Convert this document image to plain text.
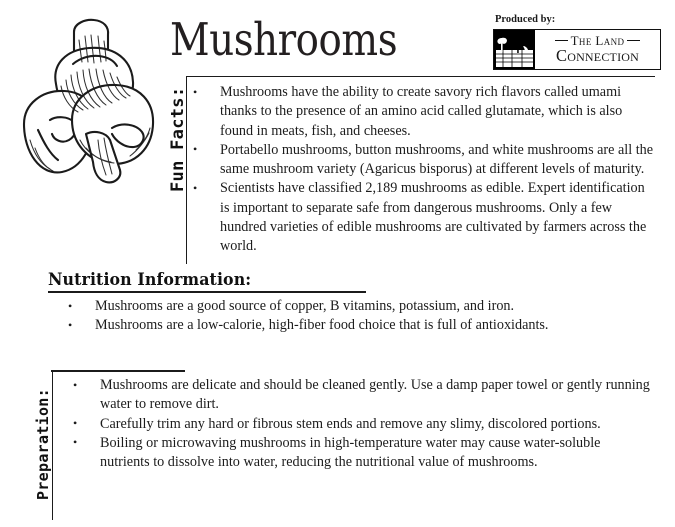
Mushrooms	Produced by:
The Land
Connection
Fun Facts:	• Mushrooms have the ability to create savory rich flavors called umami thanks to the presence of an amino acid called glutamate, which is also found in meats, fish, and cheeses.
• Portabello mushrooms, button mushrooms, and white mushrooms are all the same mushroom variety (Agaricus bisporus) at different levels of maturity.
• Scientists have classified 2,189 mushrooms as edible. Expert identification is important to separate safe from dangerous mushrooms. Only a few hundred varieties of edible mushrooms are cultivated by farmers across the world.
Nutrition Information:
• Mushrooms are a good source of copper, B vitamins, potassium, and iron.
• Mushrooms are a low-calorie, high-fiber food choice that is full of antioxidants.
Preparation:
• Mushrooms are delicate and should be cleaned gently. Use a damp paper towel or gently running water to remove dirt.
• Carefully trim any hard or fibrous stem ends and remove any slimy, discolored portions.
• Boiling or microwaving mushrooms in high-temperature water may cause water-soluble nutrients to dissolve into water, reducing the nutritional value of mushrooms.
